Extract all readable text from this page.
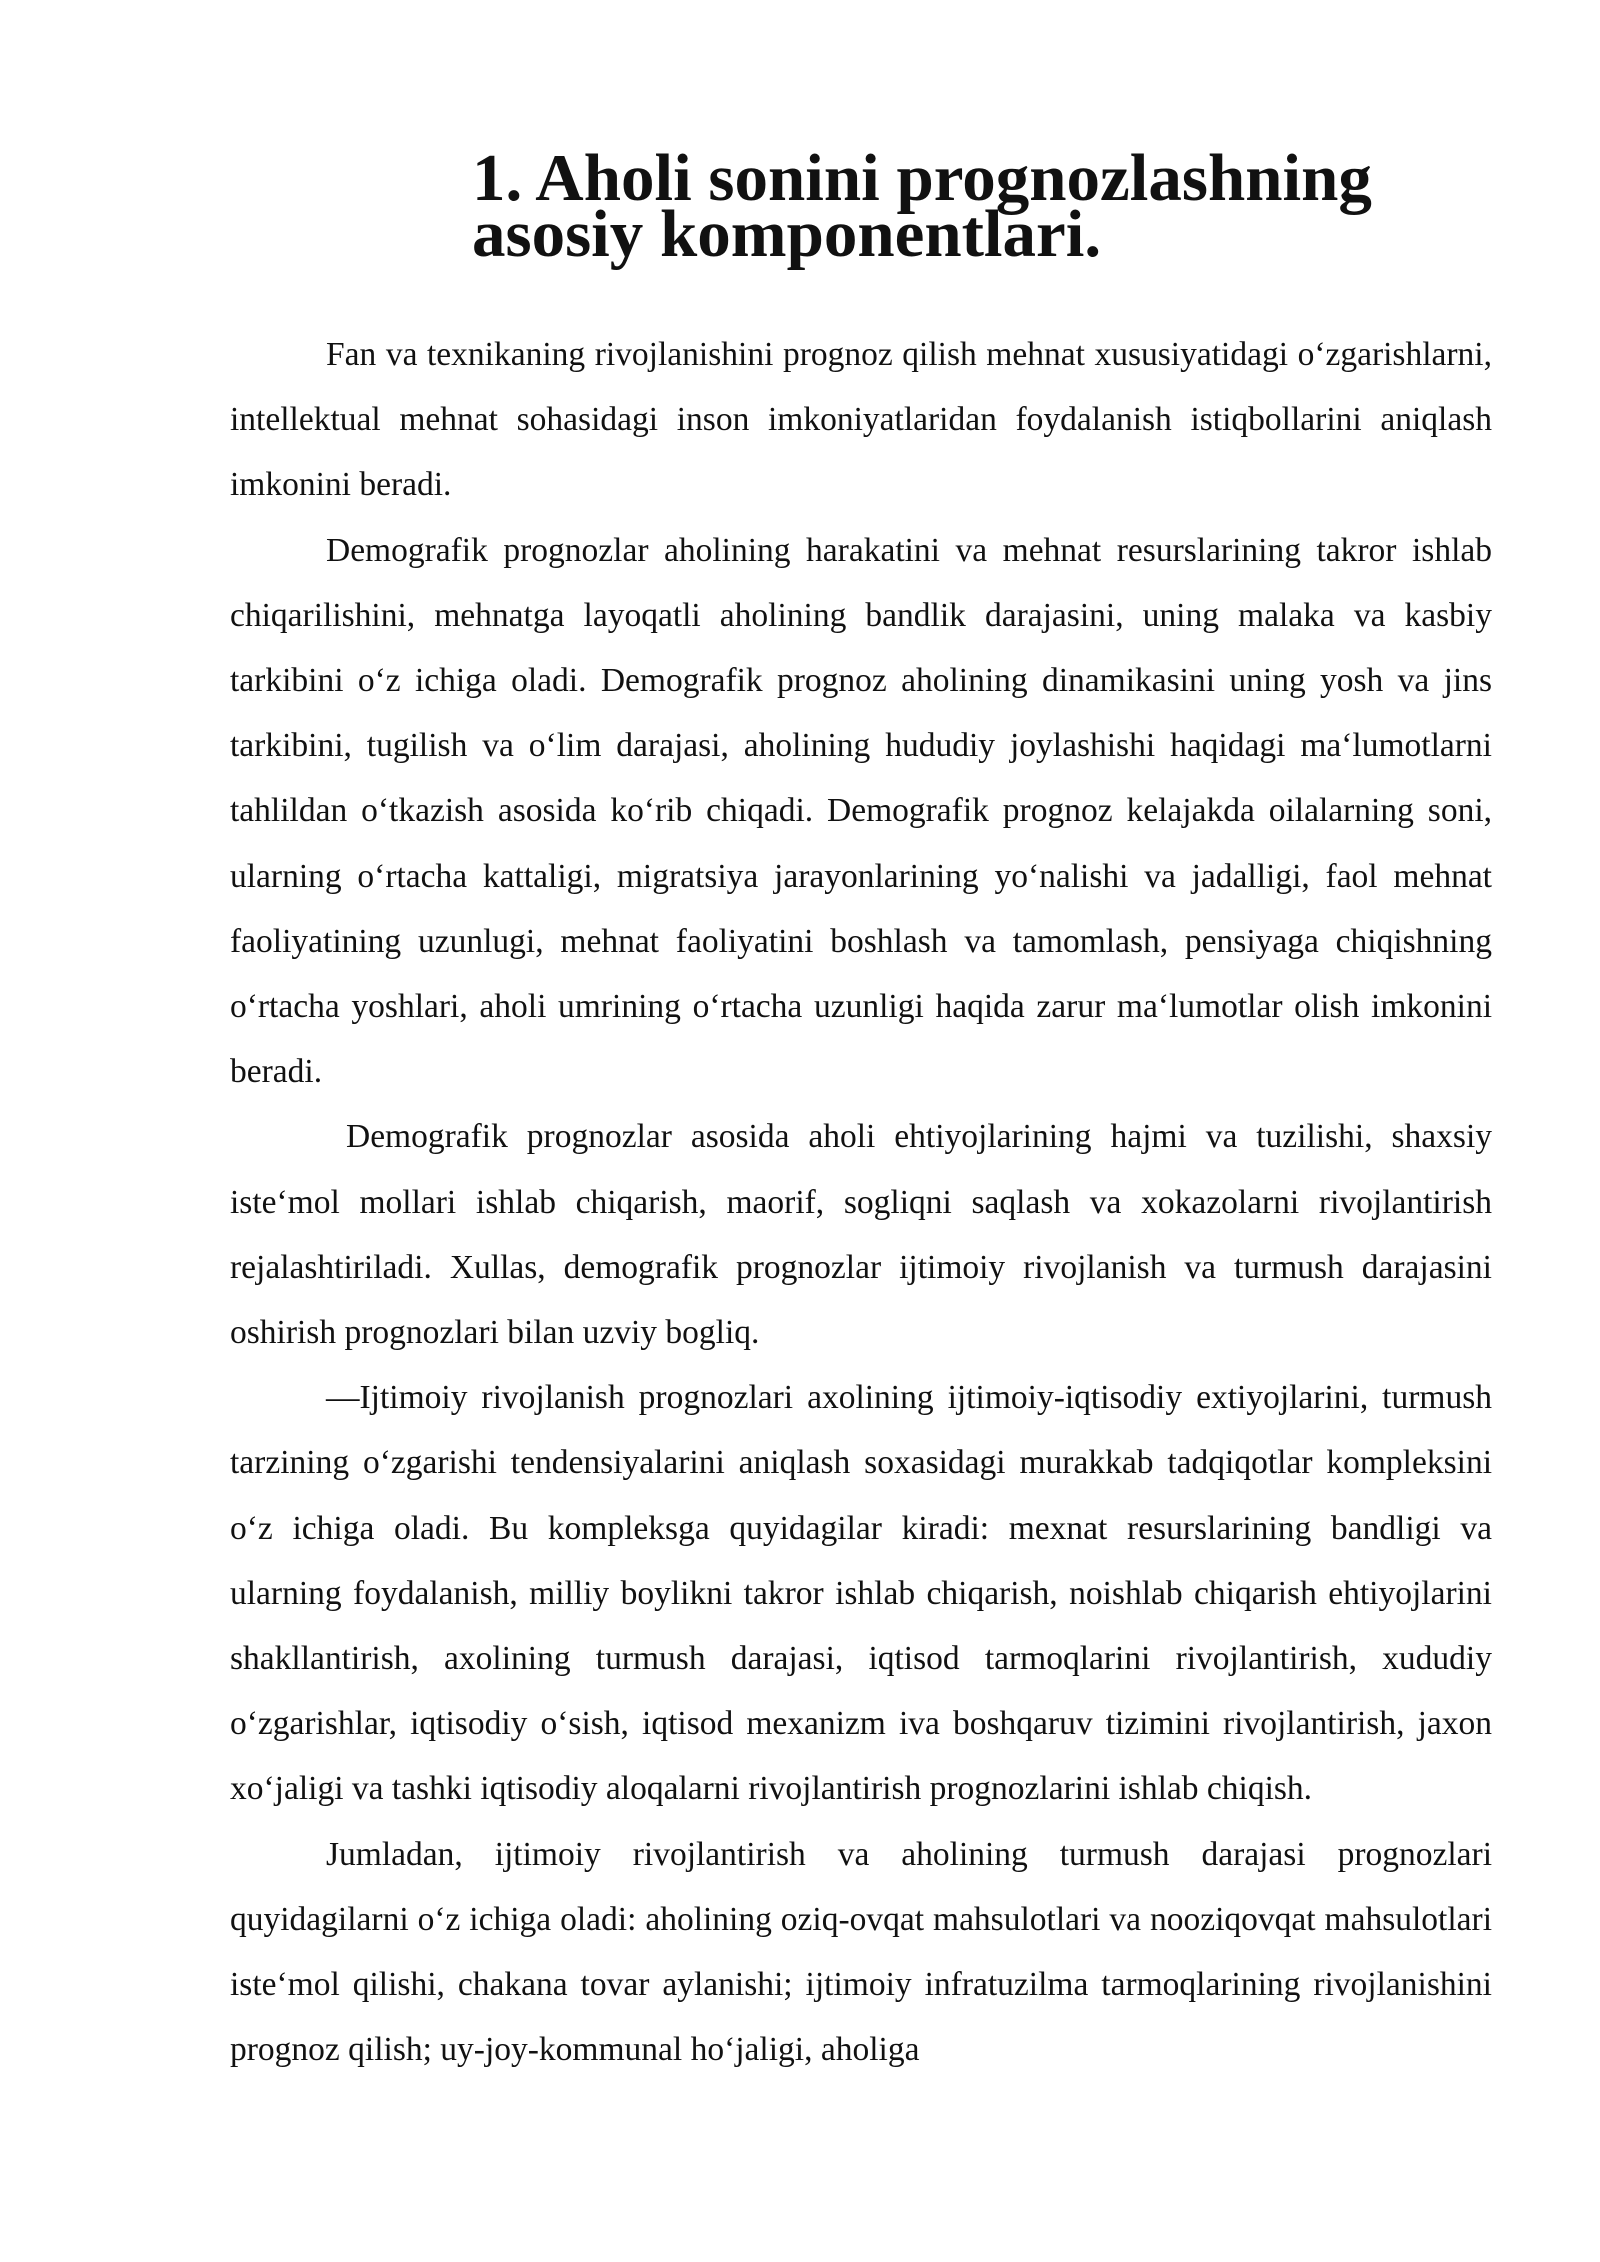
1. Aholi sonini prognozlashning asosiy komponentlari.

Fan va texnikaning rivojlanishini prognoz qilish mehnat xususiyatidagi o‘zgarishlarni, intellektual mehnat sohasidagi inson imkoniyatlaridan foydalanish istiqbollarini aniqlash imkonini beradi.

Demografik prognozlar aholining harakatini va mehnat resurslarining takror ishlab chiqarilishini, mehnatga layoqatli aholining bandlik darajasini, uning malaka va kasbiy tarkibini o‘z ichiga oladi. Demografik prognoz aholining dinamikasini uning yosh va jins tarkibini, tugilish va o‘lim darajasi, aholining hududiy joylashishi haqidagi ma‘lumotlarni tahlildan o‘tkazish asosida ko‘rib chiqadi. Demografik prognoz kelajakda oilalarning soni, ularning o‘rtacha kattaligi, migratsiya jarayonlarining yo‘nalishi va jadalligi, faol mehnat faoliyatining uzunlugi, mehnat faoliyatini boshlash va tamomlash, pensiyaga chiqishning o‘rtacha yoshlari, aholi umrining o‘rtacha uzunligi haqida zarur ma‘lumotlar olish imkonini beradi.

Demografik prognozlar asosida aholi ehtiyojlarining hajmi va tuzilishi, shaxsiy iste‘mol mollari ishlab chiqarish, maorif, sogliqni saqlash va xokazolarni rivojlantirish rejalashtiriladi. Xullas, demografik prognozlar ijtimoiy rivojlanish va turmush darajasini oshirish prognozlari bilan uzviy bogliq.

—Ijtimoiy rivojlanish prognozlari axolining ijtimoiy-iqtisodiy extiyojlarini, turmush tarzining o‘zgarishi tendensiyalarini aniqlash soxasidagi murakkab tadqiqotlar kompleksini o‘z ichiga oladi. Bu kompleksga quyidagilar kiradi: mexnat resurslarining bandligi va ularning foydalanish, milliy boylikni takror ishlab chiqarish, noishlab chiqarish ehtiyojlarini shakllantirish, axolining turmush darajasi, iqtisod tarmoqlarini rivojlantirish, xududiy o‘zgarishlar, iqtisodiy o‘sish, iqtisod mexanizm iva boshqaruv tizimini rivojlantirish, jaxon xo‘jaligi va tashki iqtisodiy aloqalarni rivojlantirish prognozlarini ishlab chiqish.

Jumladan, ijtimoiy rivojlantirish va aholining turmush darajasi prognozlari quyidagilarni o‘z ichiga oladi: aholining oziq-ovqat mahsulotlari va nooziqovqat mahsulotlari iste‘mol qilishi, chakana tovar aylanishi; ijtimoiy infratuzilma tarmoqlarining rivojlanishini prognoz qilish; uy-joy-kommunal ho‘jaligi, aholiga
